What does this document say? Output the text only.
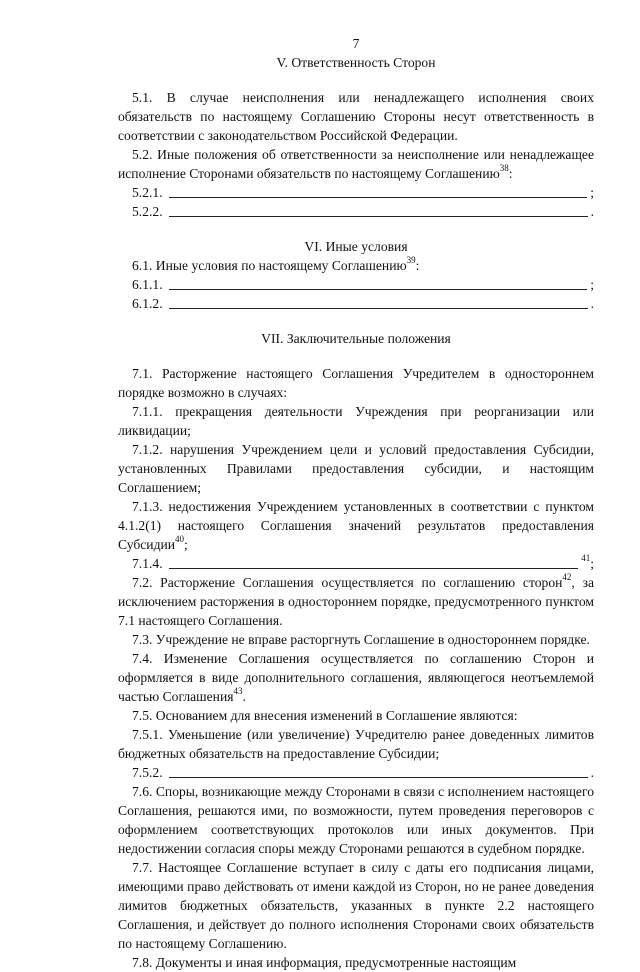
7
V. Ответственность Сторон
5.1. В случае неисполнения или ненадлежащего исполнения своих обязательств по настоящему Соглашению Стороны несут ответственность в соответствии с законодательством Российской Федерации.
5.2. Иные положения об ответственности за неисполнение или ненадлежащее исполнение Сторонами обязательств по настоящему Соглашению$^{38}$:
5.2.1.	;
5.2.2.	.
VI. Иные условия
6.1. Иные условия по настоящему Соглашению$^{39}$:
6.1.1.	;
6.1.2.	.
VII. Заключительные положения
7.1. Расторжение настоящего Соглашения Учредителем в одностороннем порядке возможно в случаях:
7.1.1. прекращения деятельности Учреждения при реорганизации или ликвидации;
7.1.2. нарушения Учреждением цели и условий предоставления Субсидии, установленных Правилами предоставления субсидии, и настоящим Соглашением;
7.1.3. недостижения Учреждением установленных в соответствии с пунктом 4.1.2(1) настоящего Соглашения значений результатов предоставления Субсидии$^{40}$;
7.1.4.	$^{41}$;
7.2. Расторжение Соглашения осуществляется по соглашению сторон$^{42}$, за исключением расторжения в одностороннем порядке, предусмотренного пунктом 7.1 настоящего Соглашения.
7.3. Учреждение не вправе расторгнуть Соглашение в одностороннем порядке.
7.4. Изменение Соглашения осуществляется по соглашению Сторон и оформляется в виде дополнительного соглашения, являющегося неотъемлемой частью Соглашения$^{43}$.
7.5. Основанием для внесения изменений в Соглашение являются:
7.5.1. Уменьшение (или увеличение) Учредителю ранее доведенных лимитов бюджетных обязательств на предоставление Субсидии;
7.5.2.	.
7.6. Споры, возникающие между Сторонами в связи с исполнением настоящего Соглашения, решаются ими, по возможности, путем проведения переговоров с оформлением соответствующих протоколов или иных документов. При недостижении согласия споры между Сторонами решаются в судебном порядке.
7.7. Настоящее Соглашение вступает в силу с даты его подписания лицами, имеющими право действовать от имени каждой из Сторон, но не ранее доведения лимитов бюджетных обязательств, указанных в пункте 2.2 настоящего Соглашения, и действует до полного исполнения Сторонами своих обязательств по настоящему Соглашению.
7.8. Документы и иная информация, предусмотренные настоящим
